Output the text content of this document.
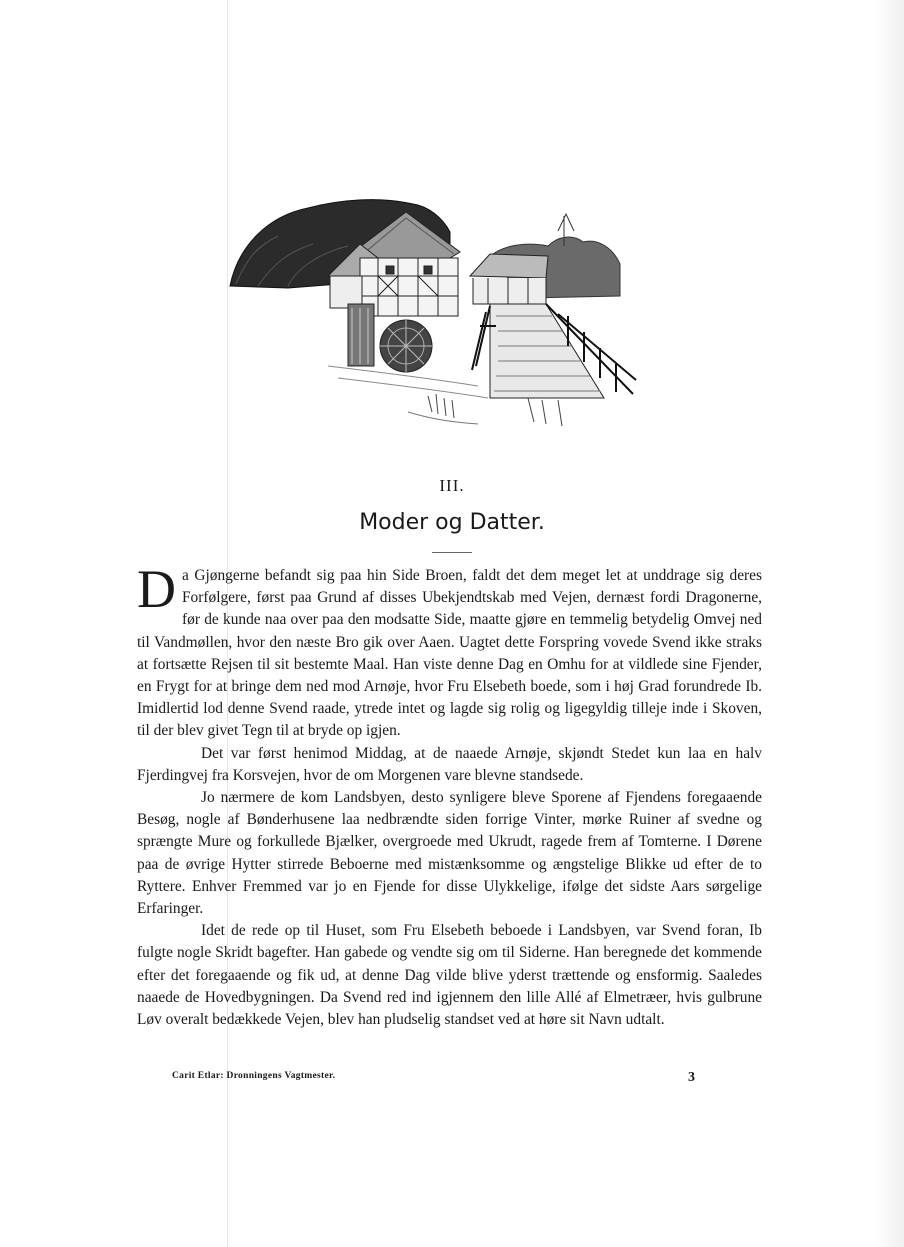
III.
Moder og Datter.

Da Gjøngerne befandt sig paa hin Side Broen, faldt det dem meget let at unddrage sig deres Forfølgere, først paa Grund af disses Ubekjendtskab med Vejen, dernæst fordi Dragonerne, før de kunde naa over paa den modsatte Side, maatte gjøre en temmelig betydelig Omvej ned til Vandmøllen, hvor den næste Bro gik over Aaen. Uagtet dette Forspring vovede Svend ikke straks at fortsætte Rejsen til sit bestemte Maal. Han viste denne Dag en Omhu for at vildlede sine Fjender, en Frygt for at bringe dem ned mod Arnøje, hvor Fru Elsebeth boede, som i høj Grad forundrede Ib. Imidlertid lod denne Svend raade, ytrede intet og lagde sig rolig og ligegyldig tilleje inde i Skoven, til der blev givet Tegn til at bryde op igjen.

Det var først henimod Middag, at de naaede Arnøje, skjøndt Stedet kun laa en halv Fjerdingvej fra Korsvejen, hvor de om Morgenen vare blevne standsede.

Jo nærmere de kom Landsbyen, desto synligere bleve Sporene af Fjendens foregaaende Besøg, nogle af Bønderhusene laa nedbrændte siden forrige Vinter, mørke Ruiner af svedne og sprængte Mure og forkullede Bjælker, overgroede med Ukrudt, ragede frem af Tomterne. I Dørene paa de øvrige Hytter stirrede Beboerne med mistænksomme og ængstelige Blikke ud efter de to Ryttere. Enhver Fremmed var jo en Fjende for disse Ulykkelige, ifølge det sidste Aars sørgelige Erfaringer.

Idet de rede op til Huset, som Fru Elsebeth beboede i Landsbyen, var Svend foran, Ib fulgte nogle Skridt bagefter. Han gabede og vendte sig om til Siderne. Han beregnede det kommende efter det foregaaende og fik ud, at denne Dag vilde blive yderst trættende og ensformig. Saaledes naaede de Hovedbygningen. Da Svend red ind igjennem den lille Allé af Elmetræer, hvis gulbrune Løv overalt bedækkede Vejen, blev han pludselig standset ved at høre sit Navn udtalt.

Carit Etlar: Dronningens Vagtmester.	3
